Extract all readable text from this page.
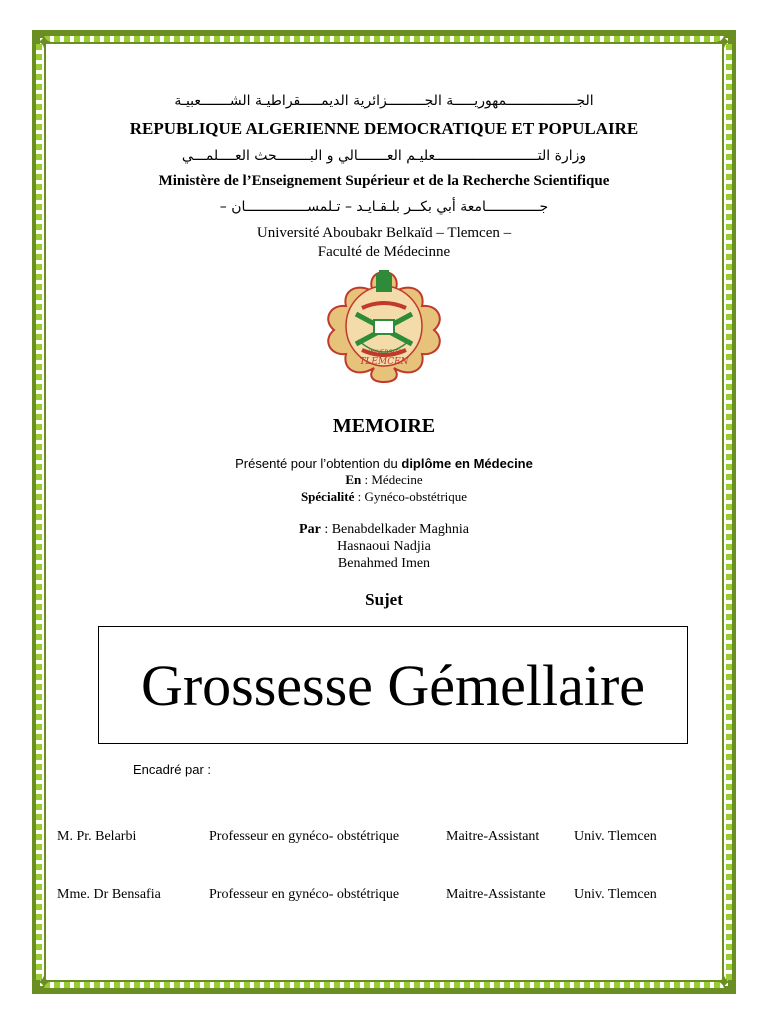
✦	✦
✦	✦
الجـــــــــــــــــمهوريـــــة الجـــــــــزائرية الديمـــــقراطيـة الشـــــــعبيـة
REPUBLIQUE ALGERIENNE DEMOCRATIQUE ET POPULAIRE
وزارة التـــــــــــــــــــــــــعليـم العـــــــالي و البــــــــحث العــــلمـــي
Ministère de l’Enseignement Supérieur et de la Recherche Scientifique
جـــــــــــــامعة أبي بكــر بلـقـايـد – تـلمســـــــــــــــان –
Université Aboubakr Belkaïd – Tlemcen –
Faculté de Médecinne
UNIVERSITE
TLEMCEN
MEMOIRE
Présenté pour l’obtention du diplôme en Médecine
En : Médecine
Spécialité : Gynéco-obstétrique
Par : Benabdelkader Maghnia
Hasnaoui Nadjia
Benahmed Imen
Sujet
Grossesse Gémellaire
Encadré par :
M. Pr. Belarbi	Professeur en gynéco- obstétrique	Maitre-Assistant Univ. Tlemcen
Mme. Dr Bensafia	Professeur en gynéco- obstétrique	Maitre-Assistante Univ. Tlemcen
